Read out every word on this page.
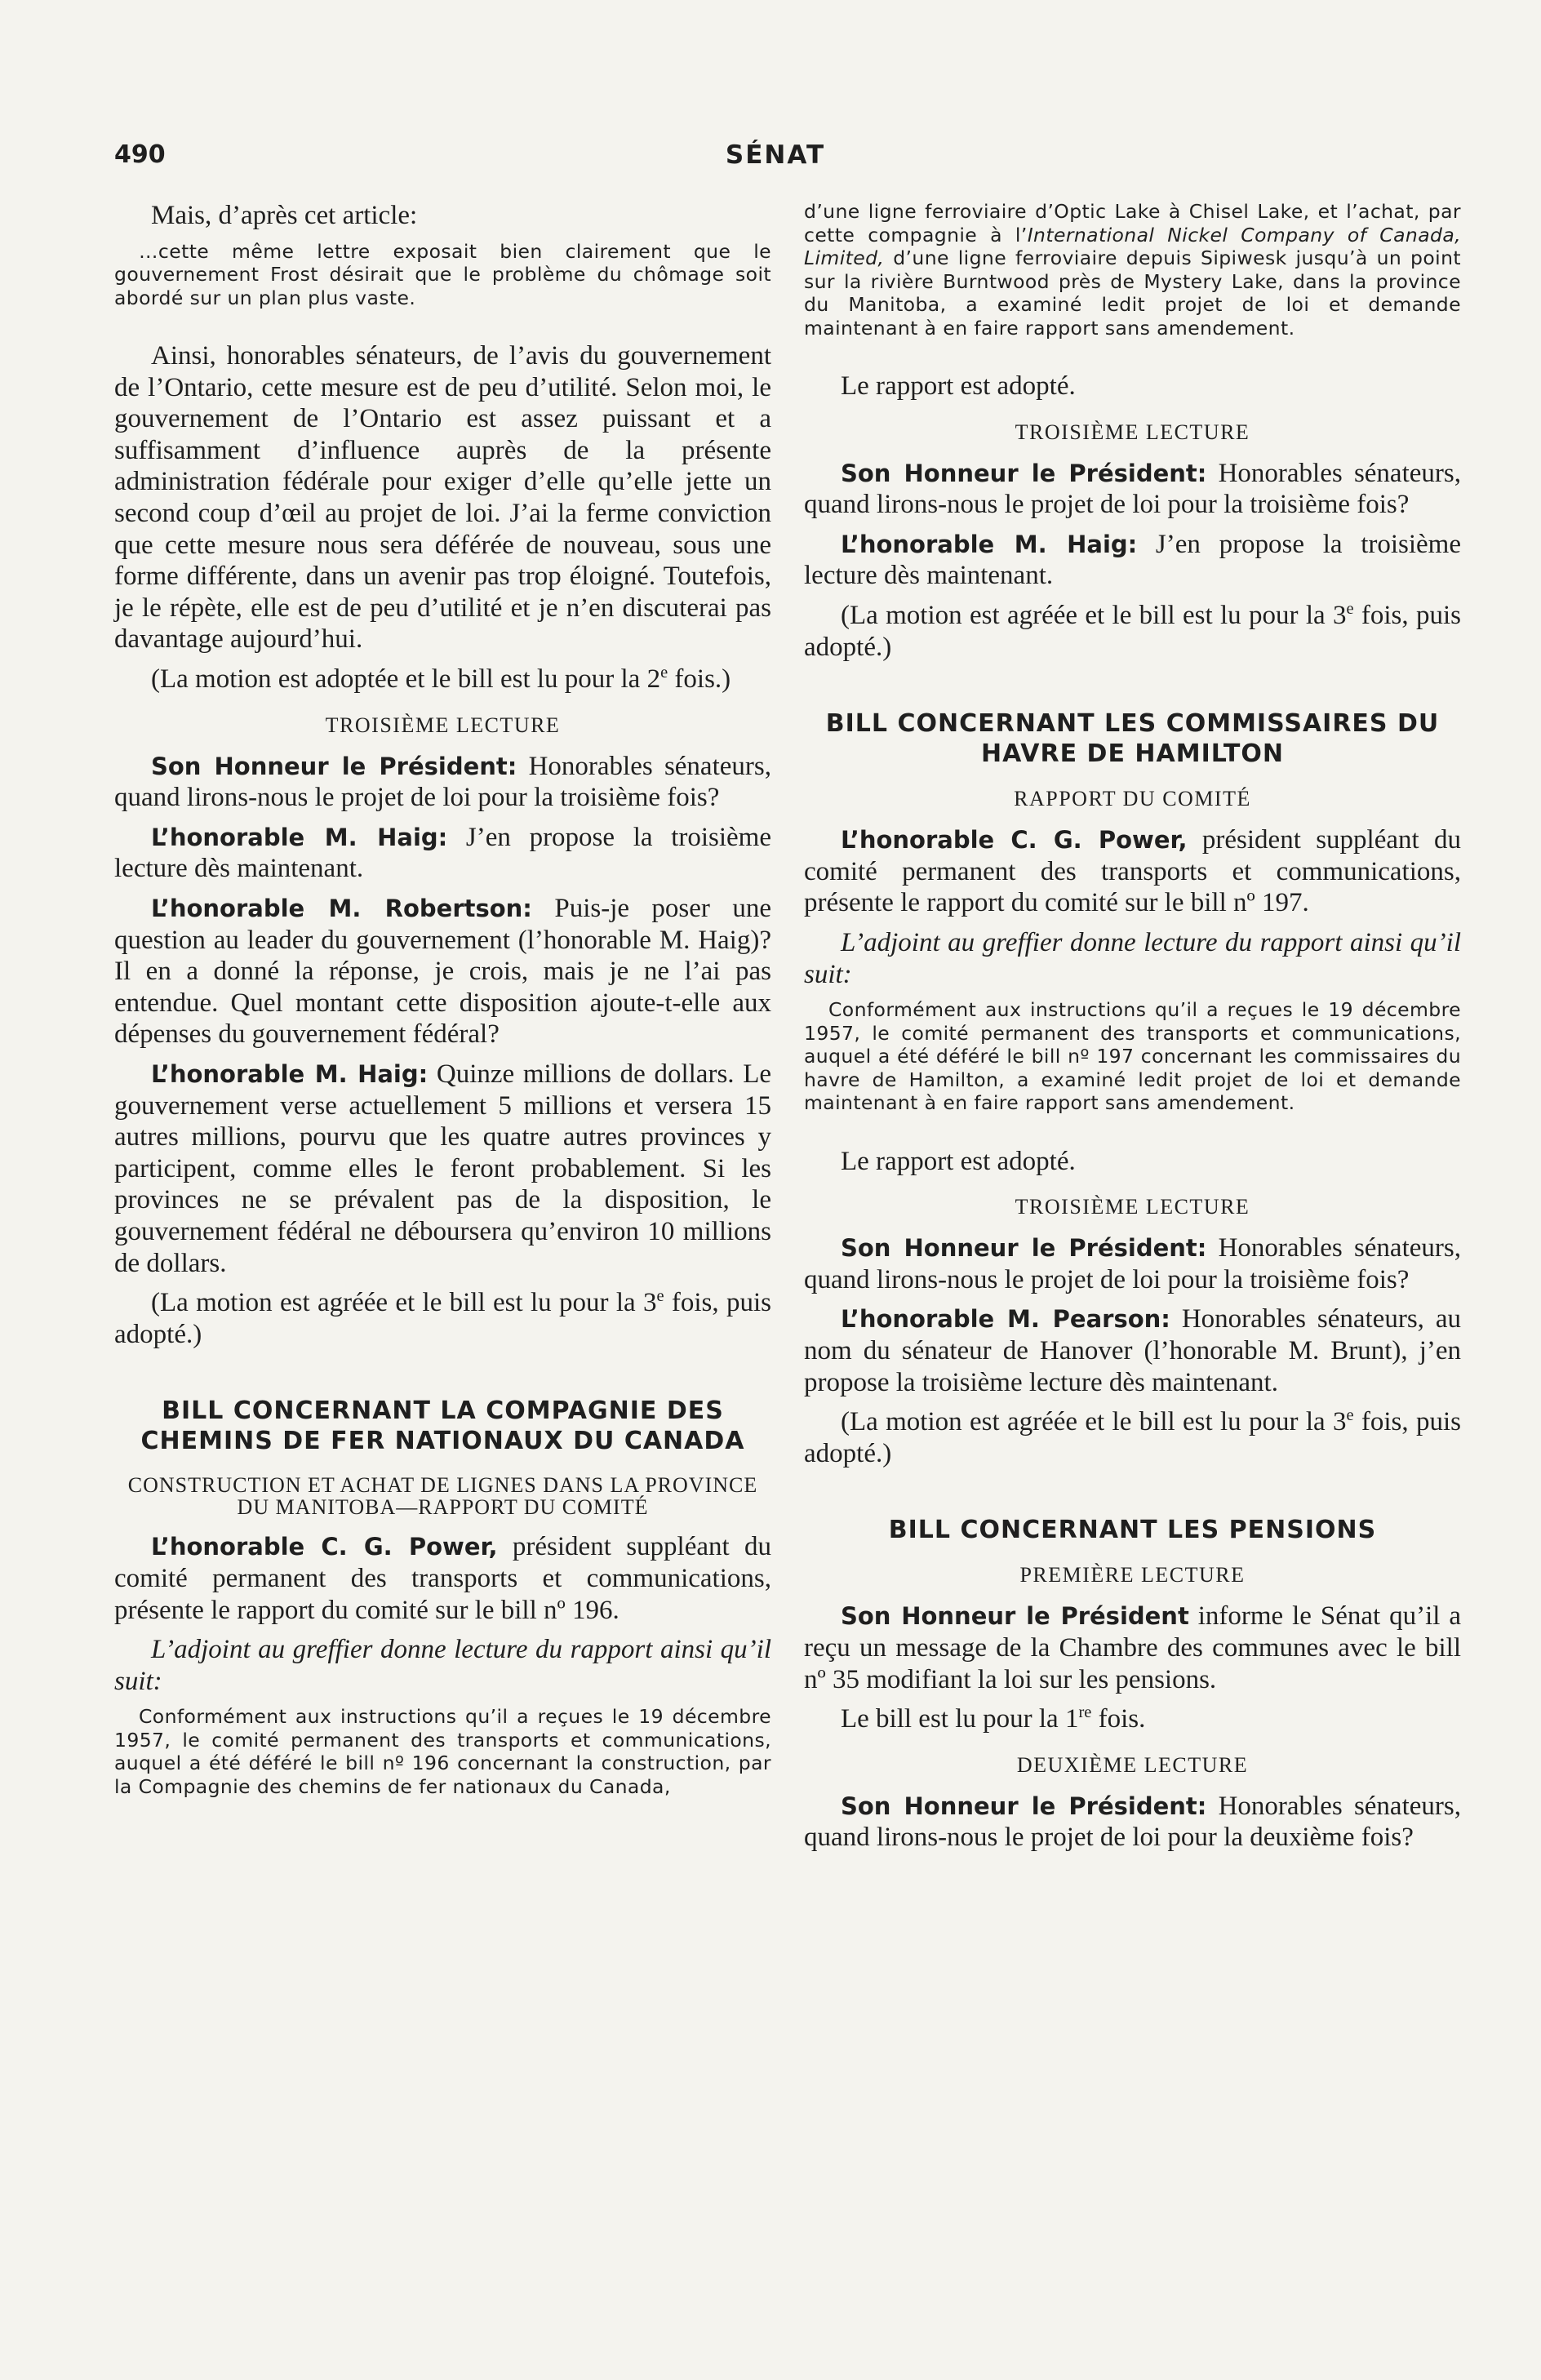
490	SÉNAT

Mais, d’après cet article:

…cette même lettre exposait bien clairement que le gouvernement Frost désirait que le problème du chômage soit abordé sur un plan plus vaste.

Ainsi, honorables sénateurs, de l’avis du gouvernement de l’Ontario, cette mesure est de peu d’utilité. Selon moi, le gouvernement de l’Ontario est assez puissant et a suffisamment d’influence auprès de la présente administration fédérale pour exiger d’elle qu’elle jette un second coup d’œil au projet de loi. J’ai la ferme conviction que cette mesure nous sera déférée de nouveau, sous une forme différente, dans un avenir pas trop éloigné. Toutefois, je le répète, elle est de peu d’utilité et je n’en discuterai pas davantage aujourd’hui.

(La motion est adoptée et le bill est lu pour la 2e fois.)

TROISIÈME LECTURE

Son Honneur le Président: Honorables sénateurs, quand lirons-nous le projet de loi pour la troisième fois?

L’honorable M. Haig: J’en propose la troisième lecture dès maintenant.

L’honorable M. Robertson: Puis-je poser une question au leader du gouvernement (l’honorable M. Haig)? Il en a donné la réponse, je crois, mais je ne l’ai pas entendue. Quel montant cette disposition ajoute-t-elle aux dépenses du gouvernement fédéral?

L’honorable M. Haig: Quinze millions de dollars. Le gouvernement verse actuellement 5 millions et versera 15 autres millions, pourvu que les quatre autres provinces y participent, comme elles le feront probablement. Si les provinces ne se prévalent pas de la disposition, le gouvernement fédéral ne déboursera qu’environ 10 millions de dollars.

(La motion est agréée et le bill est lu pour la 3e fois, puis adopté.)

BILL CONCERNANT LA COMPAGNIE DES CHEMINS DE FER NATIONAUX DU CANADA
CONSTRUCTION ET ACHAT DE LIGNES DANS LA PROVINCE DU MANITOBA—RAPPORT DU COMITÉ

L’honorable C. G. Power, président suppléant du comité permanent des transports et communications, présente le rapport du comité sur le bill nº 196.

L’adjoint au greffier donne lecture du rapport ainsi qu’il suit:

Conformément aux instructions qu’il a reçues le 19 décembre 1957, le comité permanent des transports et communications, auquel a été déféré le bill nº 196 concernant la construction, par la Compagnie des chemins de fer nationaux du Canada,

d’une ligne ferroviaire d’Optic Lake à Chisel Lake, et l’achat, par cette compagnie à l’International Nickel Company of Canada, Limited, d’une ligne ferroviaire depuis Sipiwesk jusqu’à un point sur la rivière Burntwood près de Mystery Lake, dans la province du Manitoba, a examiné ledit projet de loi et demande maintenant à en faire rapport sans amendement.

Le rapport est adopté.

TROISIÈME LECTURE

Son Honneur le Président: Honorables sénateurs, quand lirons-nous le projet de loi pour la troisième fois?

L’honorable M. Haig: J’en propose la troisième lecture dès maintenant.

(La motion est agréée et le bill est lu pour la 3e fois, puis adopté.)

BILL CONCERNANT LES COMMISSAIRES DU HAVRE DE HAMILTON
RAPPORT DU COMITÉ

L’honorable C. G. Power, président suppléant du comité permanent des transports et communications, présente le rapport du comité sur le bill nº 197.

L’adjoint au greffier donne lecture du rapport ainsi qu’il suit:

Conformément aux instructions qu’il a reçues le 19 décembre 1957, le comité permanent des transports et communications, auquel a été déféré le bill nº 197 concernant les commissaires du havre de Hamilton, a examiné ledit projet de loi et demande maintenant à en faire rapport sans amendement.

Le rapport est adopté.

TROISIÈME LECTURE

Son Honneur le Président: Honorables sénateurs, quand lirons-nous le projet de loi pour la troisième fois?

L’honorable M. Pearson: Honorables sénateurs, au nom du sénateur de Hanover (l’honorable M. Brunt), j’en propose la troisième lecture dès maintenant.

(La motion est agréée et le bill est lu pour la 3e fois, puis adopté.)

BILL CONCERNANT LES PENSIONS
PREMIÈRE LECTURE

Son Honneur le Président informe le Sénat qu’il a reçu un message de la Chambre des communes avec le bill nº 35 modifiant la loi sur les pensions.

Le bill est lu pour la 1re fois.

DEUXIÈME LECTURE

Son Honneur le Président: Honorables sénateurs, quand lirons-nous le projet de loi pour la deuxième fois?
